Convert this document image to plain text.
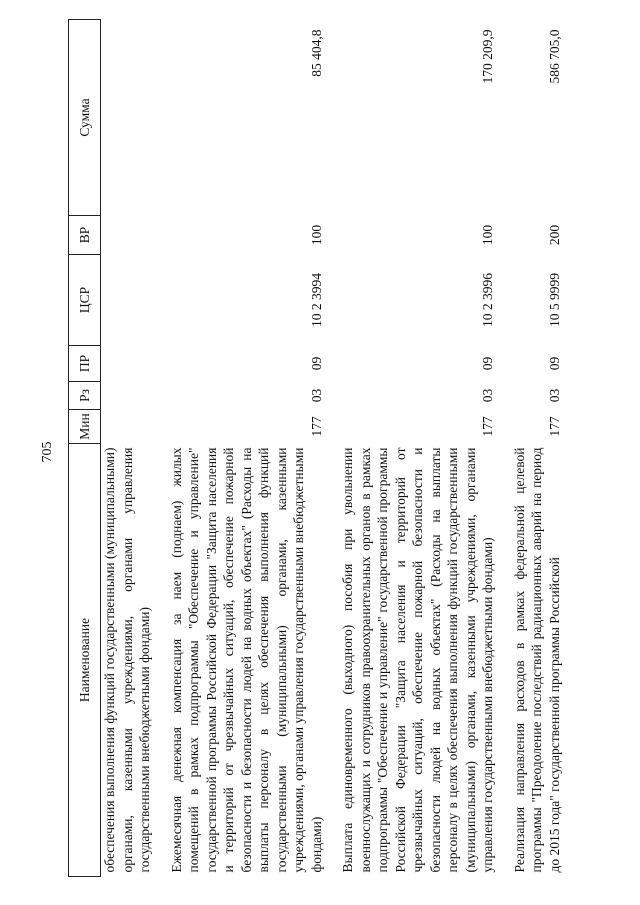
705
Наименование	Мин	Рз	ПР	ЦСР	ВР	Сумма
обеспечения выполнения функций государственными (муниципальными) органами, казенными учреждениями, органами управления государственными внебюджетными фондами)						

Ежемесячная денежная компенсация за наем (поднаем) жилых помещений в рамках подпрограммы "Обеспечение и управление" государственной программы Российской Федерации "Защита населения и территорий от чрезвычайных ситуаций, обеспечение пожарной безопасности и безопасности людей на водных объектах" (Расходы на выплаты персоналу в целях обеспечения выполнения функций государственными (муниципальными) органами, казенными учреждениями, органами управления государственными внебюджетными фондами)	177	03	09	10 2 3994	100	85 404,8

Выплата единовременного (выходного) пособия при увольнении военнослужащих и сотрудников правоохранительных органов в рамках подпрограммы "Обеспечение и управление" государственной программы Российской Федерации "Защита населения и территорий от чрезвычайных ситуаций, обеспечение пожарной безопасности и безопасности людей на водных объектах" (Расходы на выплаты персоналу в целях обеспечения выполнения функций государственными (муниципальными) органами, казенными учреждениями, органами управления государственными внебюджетными фондами)	177	03	09	10 2 3996	100	170 209,9

Реализация направления расходов в рамках федеральной целевой программы "Преодоление последствий радиационных аварий на период до 2015 года" государственной программы Российской	177	03	09	10 5 9999	200	586 705,0
